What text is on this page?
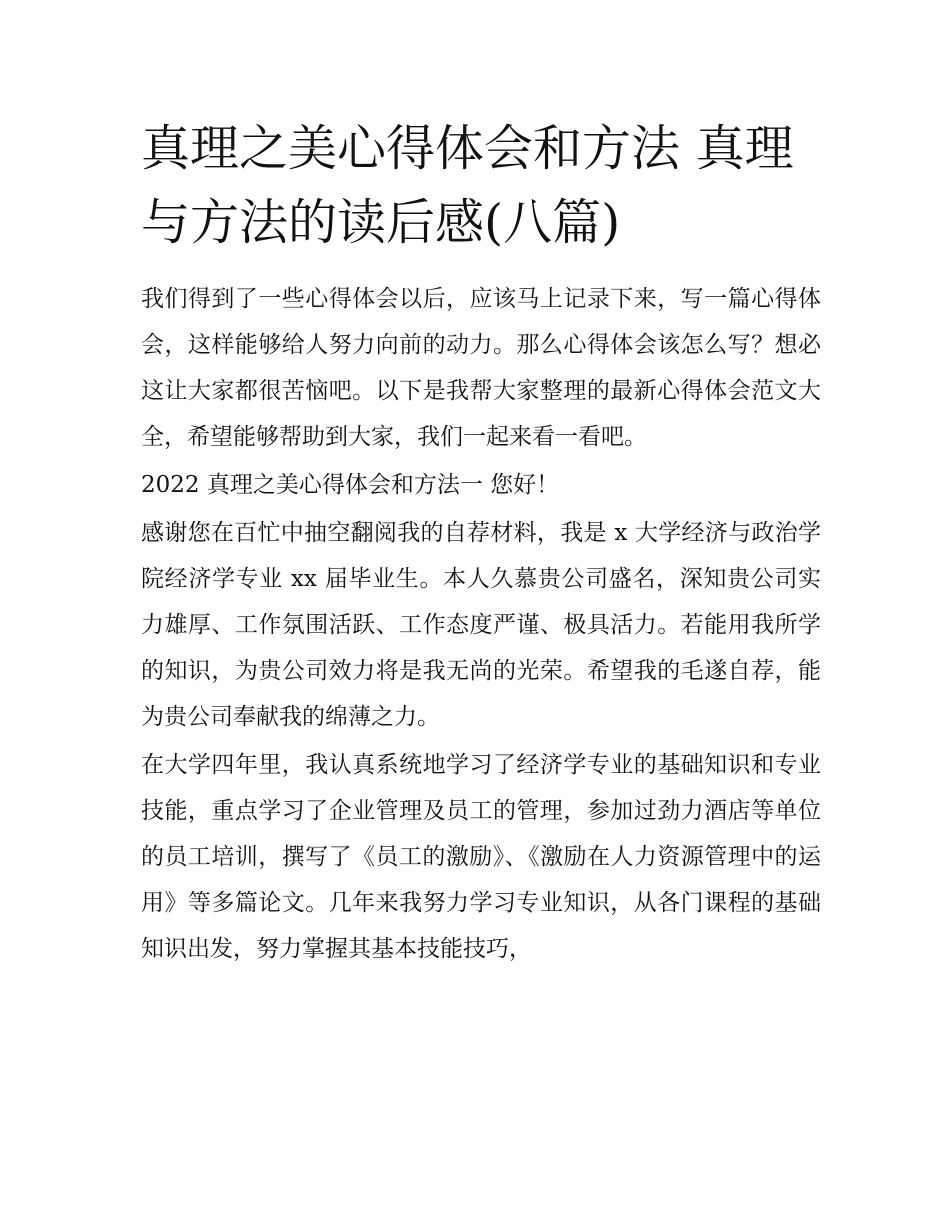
真理之美心得体会和方法 真理与方法的读后感(八篇)

我们得到了一些心得体会以后，应该马上记录下来，写一篇心得体会，这样能够给人努力向前的动力。那么心得体会该怎么写？想必这让大家都很苦恼吧。以下是我帮大家整理的最新心得体会范文大全，希望能够帮助到大家，我们一起来看一看吧。

2022 真理之美心得体会和方法一 您好！

感谢您在百忙中抽空翻阅我的自荐材料，我是 x 大学经济与政治学院经济学专业 xx 届毕业生。本人久慕贵公司盛名，深知贵公司实力雄厚、工作氛围活跃、工作态度严谨、极具活力。若能用我所学的知识，为贵公司效力将是我无尚的光荣。希望我的毛遂自荐，能为贵公司奉献我的绵薄之力。

在大学四年里，我认真系统地学习了经济学专业的基础知识和专业技能，重点学习了企业管理及员工的管理，参加过劲力酒店等单位的员工培训，撰写了《员工的激励》、《激励在人力资源管理中的运用》等多篇论文。几年来我努力学习专业知识，从各门课程的基础知识出发，努力掌握其基本技能技巧，
